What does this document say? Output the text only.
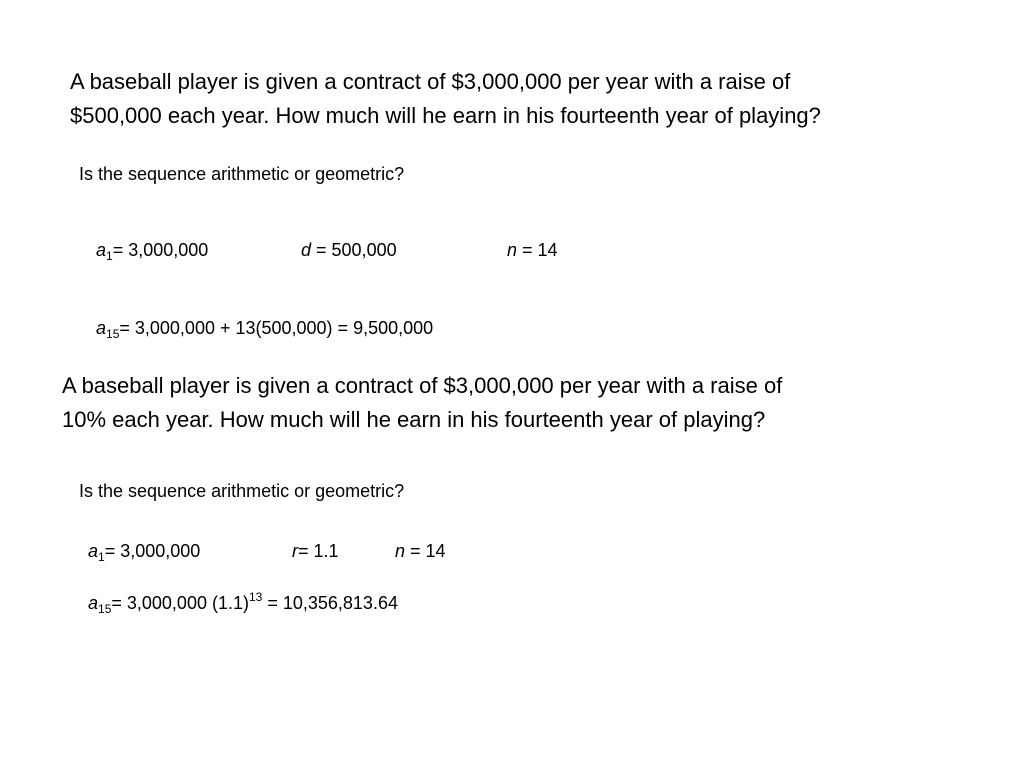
A baseball player is given a contract of $3,000,000 per year with a raise of
$500,000 each year. How much will he earn in his fourteenth year of playing?

Is the sequence arithmetic or geometric?

$a_1= 3,000,000$	d = 500,000	n = 14
$a_{15}= 3,000,000 + 13(500,000) = 9,500,000$

A baseball player is given a contract of $3,000,000 per year with a raise of
10% each year. How much will he earn in his fourteenth year of playing?

Is the sequence arithmetic or geometric?

$a_1= 3,000,000$	r= 1.1	n = 14
$a_{15}= 3,000,000$ $(1.1)^{13} = 10,356,813.64$
